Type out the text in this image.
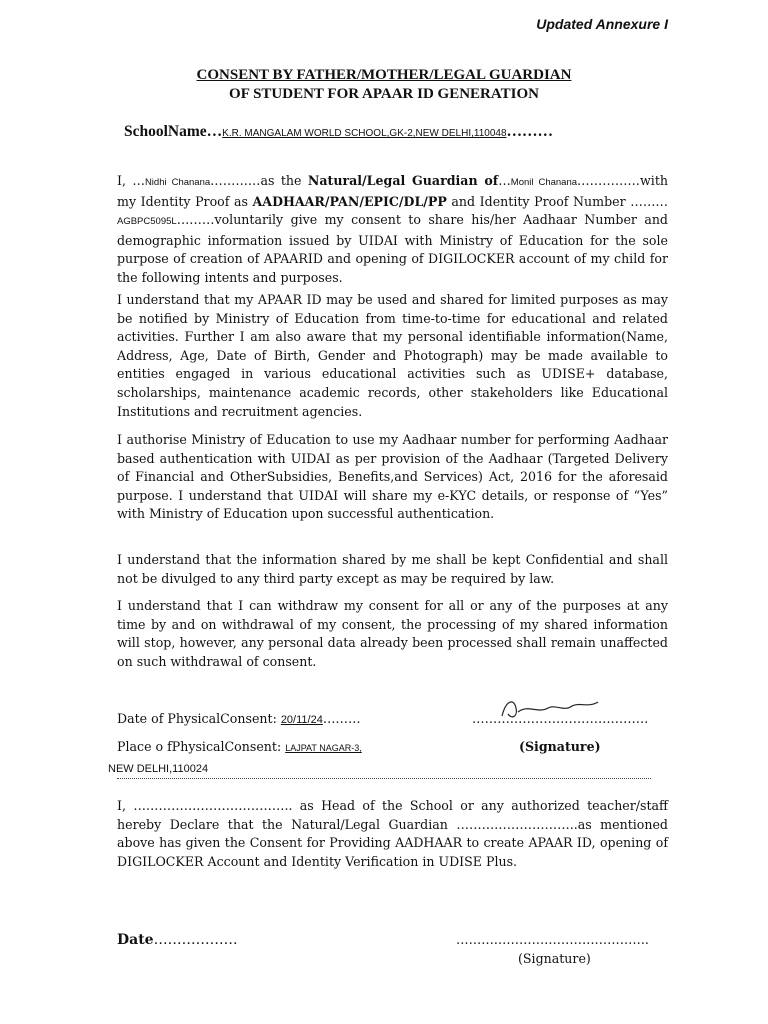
Updated Annexure I
CONSENT BY FATHER/MOTHER/LEGAL GUARDIAN
OF STUDENT FOR APAAR ID GENERATION
SchoolName…K.R. MANGALAM WORLD SCHOOL,GK-2,NEW DELHI,110048………

I, …Nidhi Chanana…………as the Natural/Legal Guardian of…Monil Chanana……………with my Identity Proof as AADHAAR/PAN/EPIC/DL/PP and Identity Proof Number ………AGBPC5095L………voluntarily give my consent to share his/her Aadhaar Number and demographic information issued by UIDAI with Ministry of Education for the sole purpose of creation of APAARID and opening of DIGILOCKER account of my child for the following intents and purposes.

I understand that my APAAR ID may be used and shared for limited purposes as may be notified by Ministry of Education from time-to-time for educational and related activities. Further I am also aware that my personal identifiable information(Name, Address, Age, Date of Birth, Gender and Photograph) may be made available to entities engaged in various educational activities such as UDISE+ database, scholarships, maintenance academic records, other stakeholders like Educational Institutions and recruitment agencies.

I authorise Ministry of Education to use my Aadhaar number for performing Aadhaar based authentication with UIDAI as per provision of the Aadhaar (Targeted Delivery of Financial and OtherSubsidies, Benefits,and Services) Act, 2016 for the aforesaid purpose. I understand that UIDAI will share my e-KYC details, or response of “Yes” with Ministry of Education upon successful authentication.

I understand that the information shared by me shall be kept Confidential and shall not be divulged to any third party except as may be required by law.

I understand that I can withdraw my consent for all or any of the purposes at any time by and on withdrawal of my consent, the processing of my shared information will stop, however, any personal data already been processed shall remain unaffected on such withdrawal of consent.

Date of PhysicalConsent: 20/11/24………	……………………………………
Place o fPhysicalConsent: LAJPAT NAGAR-3,	(Signature)
NEW DELHI,110024

I, ……………………………….. as Head of the School or any authorized teacher/staff hereby Declare that the Natural/Legal Guardian ………………………..as mentioned above has given the Consent for Providing AADHAAR to create APAAR ID, opening of DIGILOCKER Account and Identity Verification in UDISE Plus.

Date………………	……………………………………….
(Signature)
